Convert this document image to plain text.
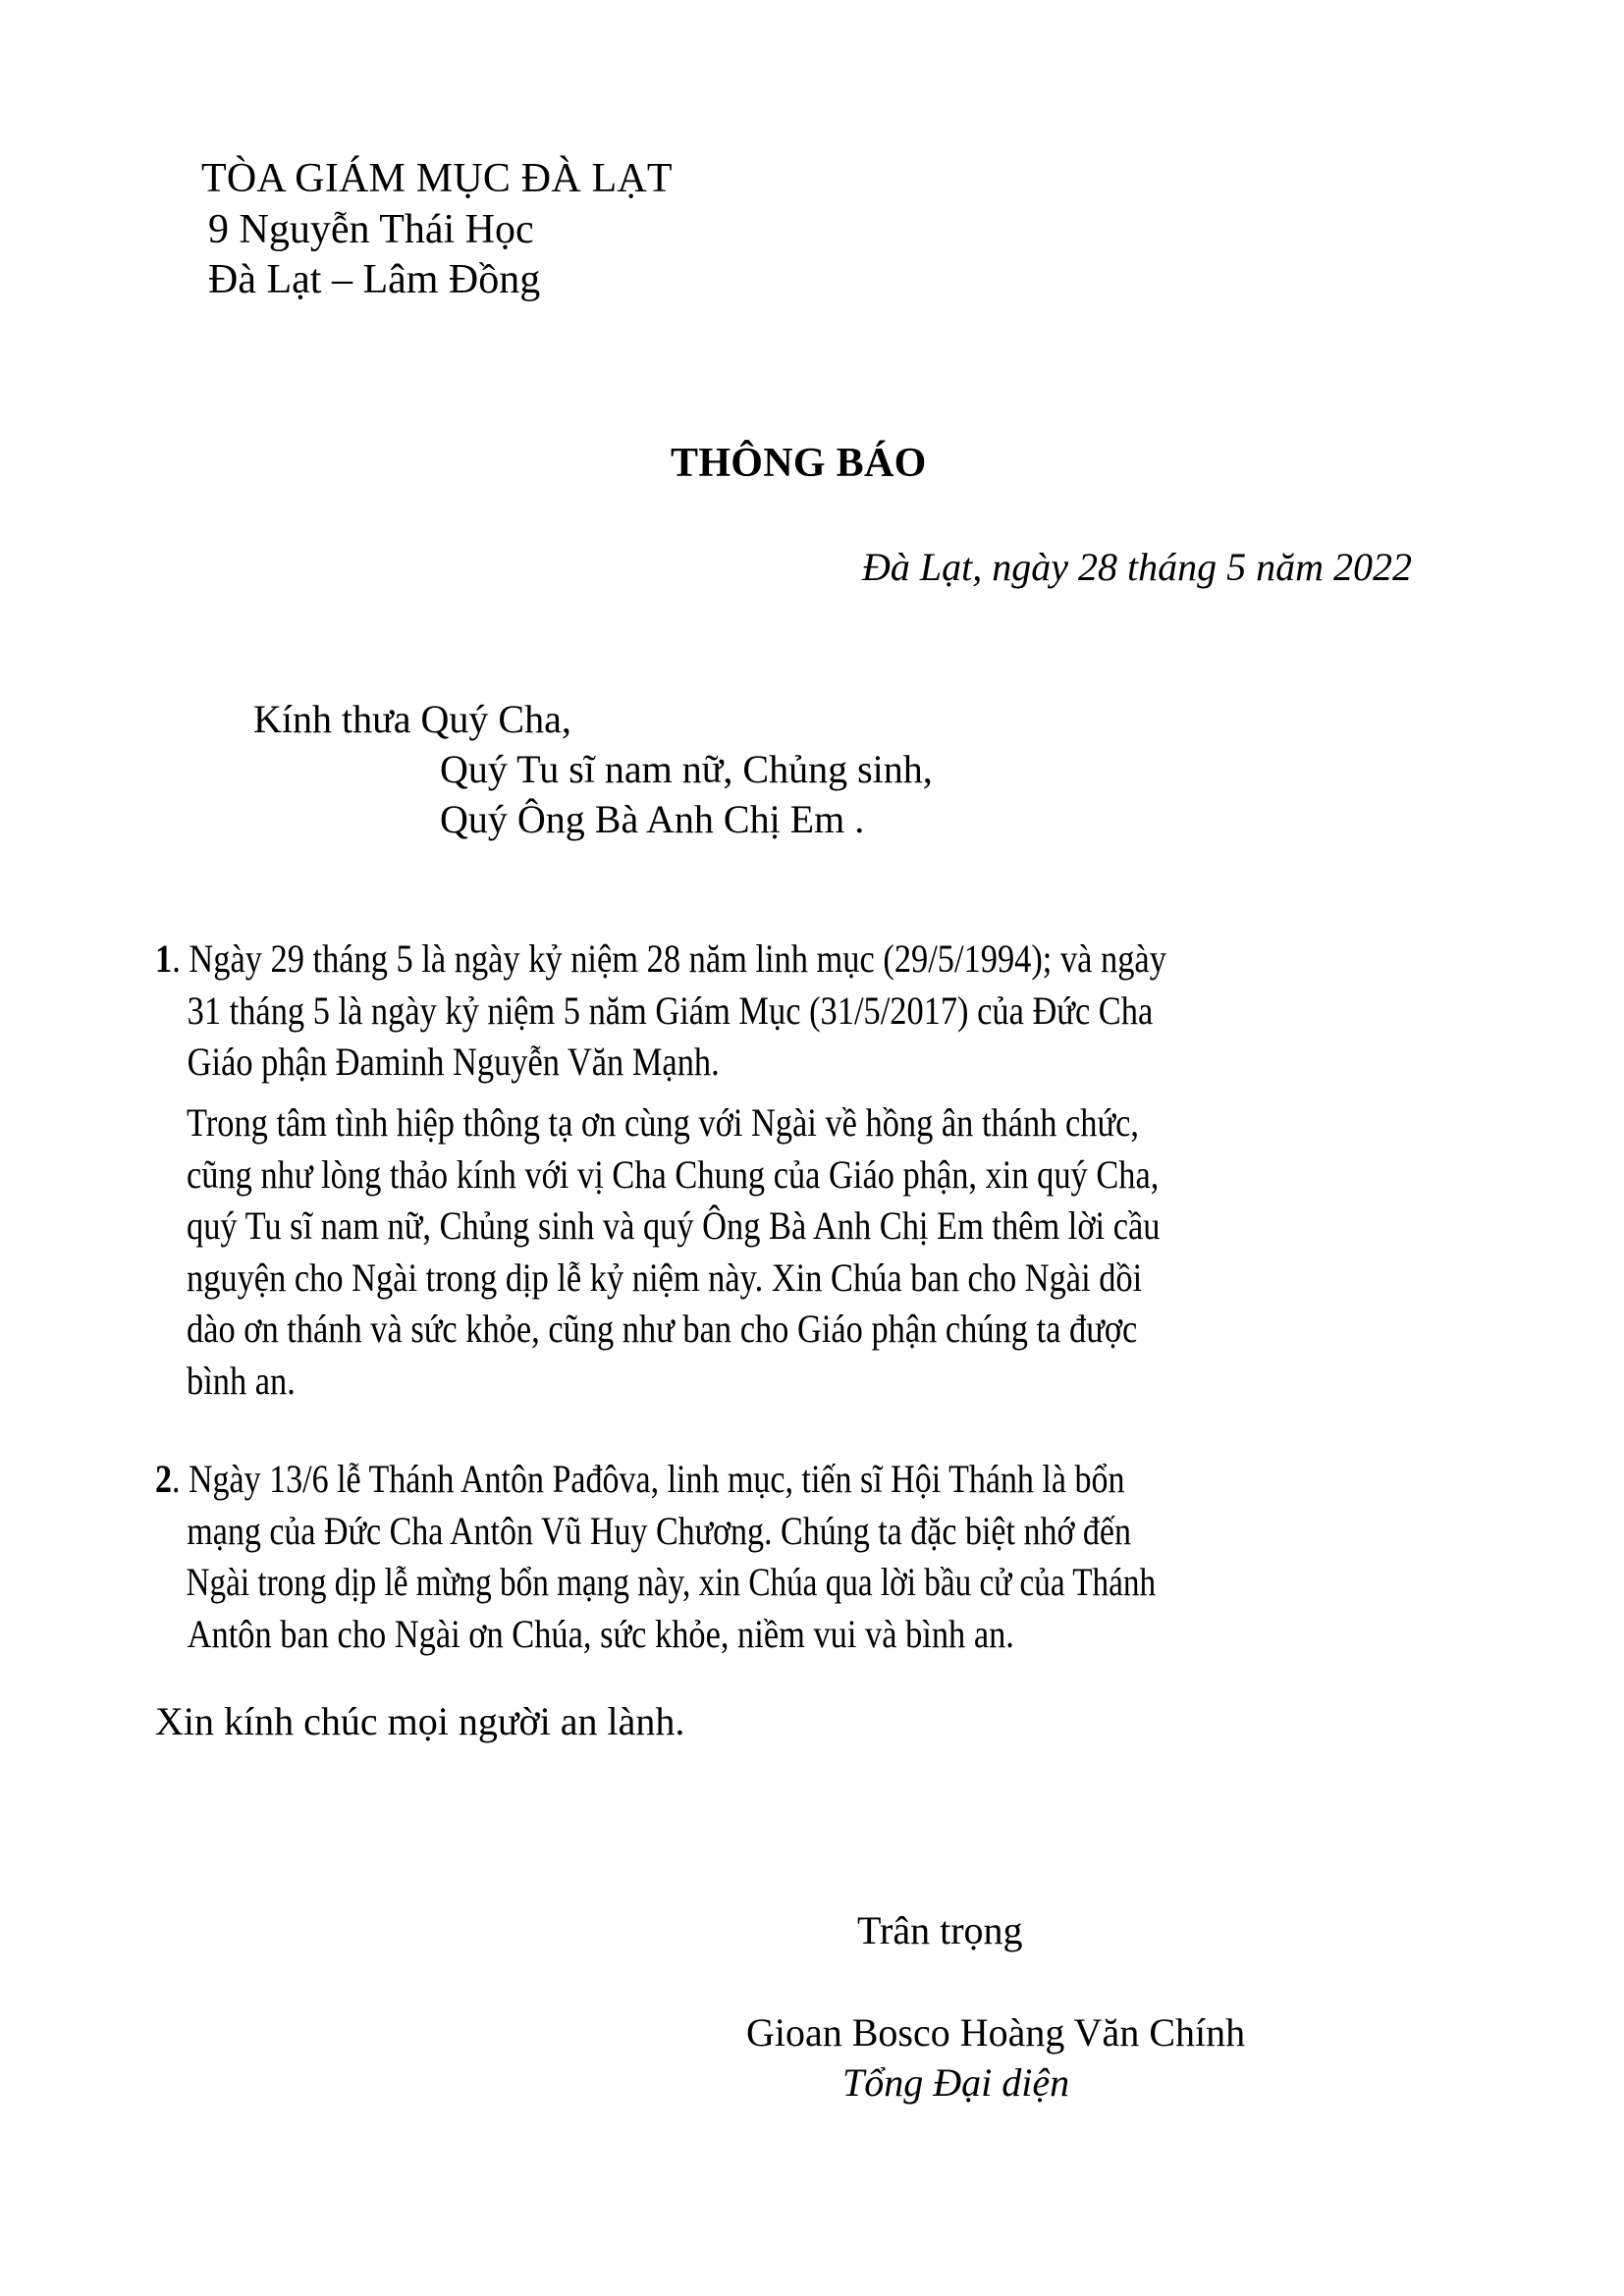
TÒA GIÁM MỤC ĐÀ LẠT
9 Nguyễn Thái Học
Đà Lạt – Lâm Đồng
THÔNG BÁO
Đà Lạt, ngày 28 tháng 5 năm 2022
Kính thưa Quý Cha,
Quý Tu sĩ nam nữ, Chủng sinh,
Quý Ông Bà Anh Chị Em .
1. Ngày 29 tháng 5 là ngày kỷ niệm 28 năm linh mục (29/5/1994); và ngày
31 tháng 5 là ngày kỷ niệm 5 năm Giám Mục (31/5/2017) của Đức Cha
Giáo phận Đaminh Nguyễn Văn Mạnh.
Trong tâm tình hiệp thông tạ ơn cùng với Ngài về hồng ân thánh chức,
cũng như lòng thảo kính với vị Cha Chung của Giáo phận, xin quý Cha,
quý Tu sĩ nam nữ, Chủng sinh và quý Ông Bà Anh Chị Em thêm lời cầu
nguyện cho Ngài trong dịp lễ kỷ niệm này. Xin Chúa ban cho Ngài dồi
dào ơn thánh và sức khỏe, cũng như ban cho Giáo phận chúng ta được
bình an.
2. Ngày 13/6 lễ Thánh Antôn Pađôva, linh mục, tiến sĩ Hội Thánh là bổn
mạng của Đức Cha Antôn Vũ Huy Chương. Chúng ta đặc biệt nhớ đến
Ngài trong dịp lễ mừng bổn mạng này, xin Chúa qua lời bầu cử của Thánh
Antôn ban cho Ngài ơn Chúa, sức khỏe, niềm vui và bình an.
Xin kính chúc mọi người an lành.
Trân trọng
Gioan Bosco Hoàng Văn Chính
Tổng Đại diện
